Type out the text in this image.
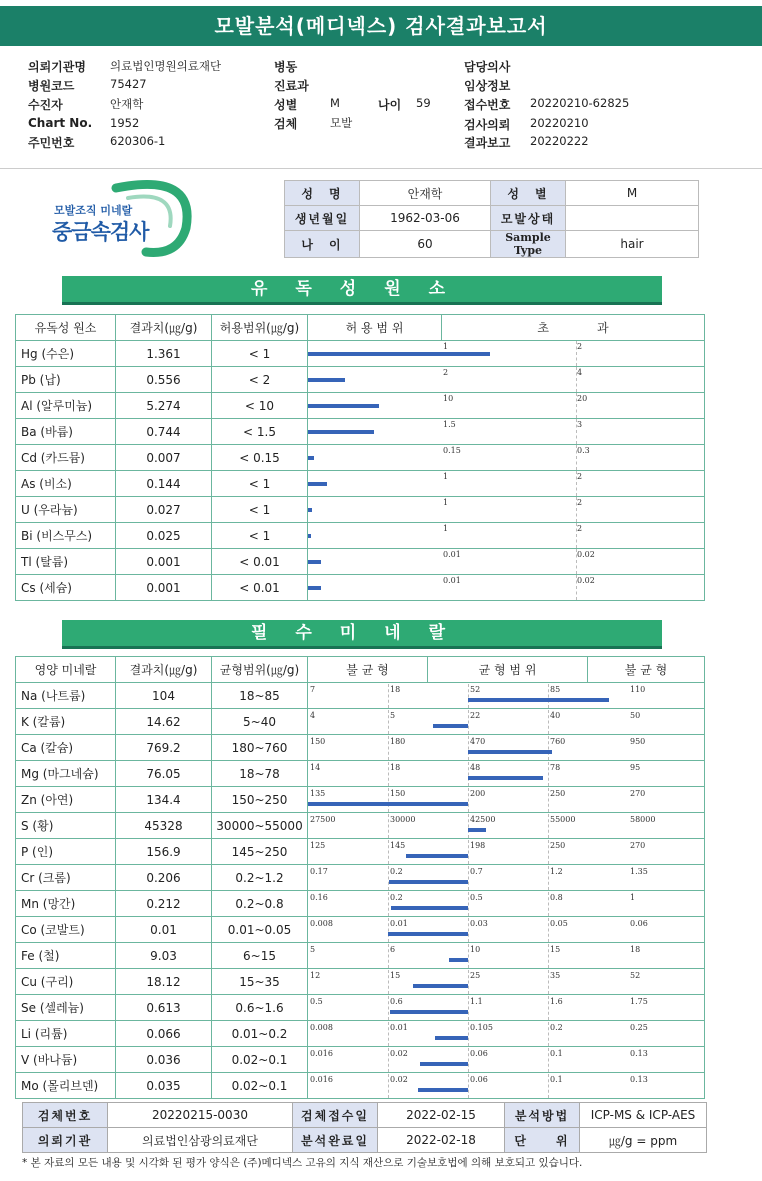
모발분석(메디넥스) 검사결과보고서
의뢰기관명 의료법인명원의료재단
병원코드	75427
수진자	안재학
Chart No. 1952
주민번호	620306-1
병동
진료과
성별	M	나이 59
검체	모발
담당의사
임상정보
접수번호 20220210-62825
검사의뢰 20220210
결과보고 20220222
모발조직 미네랄
중금속검사
성　명	안재학	성　별	M
생년월일	1962-03-06	모발상태	
나　이	60	Sample Type	hair
유독성원소
유독성 원소	결과치(㎍/g)	허용범위(㎍/g)	허 용 범 위	초　　　　과
Hg (수은)	1.361	< 1	1 2	

Pb (납)	0.556	< 2	2 4	

Al (알루미늄)	5.274	< 10	10 20	

Ba (바륨)	0.744	< 1.5	1.5 3	

Cd (카드뮴)	0.007	< 0.15	0.15 0.3	

As (비소)	0.144	< 1	1 2	

U (우라늄)	0.027	< 1	1 2	

Bi (비스무스)	0.025	< 1	1 2	

Tl (탈륨)	0.001	< 0.01	0.01 0.02	

Cs (세슘)	0.001	< 0.01	0.01 0.02	
필수미네랄
영양 미네랄	결과치(㎍/g)	균형범위(㎍/g)	불 균 형	균 형 범 위	불 균 형
Na (나트륨)	104	18~85	7 18 52 85 110		

K (칼륨)	14.62	5~40	4 5 22 40 50		

Ca (칼슘)	769.2	180~760	150 180 470 760 950		

Mg (마그네슘)	76.05	18~78	14 18 48 78 95		

Zn (아연)	134.4	150~250	135 150 200 250 270		

S (황)	45328	30000~55000	27500 30000 42500 55000 58000		

P (인)	156.9	145~250	125 145 198 250 270		

Cr (크롬)	0.206	0.2~1.2	0.17 0.2 0.7 1.2 1.35		

Mn (망간)	0.212	0.2~0.8	0.16 0.2 0.5 0.8 1		

Co (코발트)	0.01	0.01~0.05	0.008 0.01 0.03 0.05 0.06		

Fe (철)	9.03	6~15	5 6 10 15 18		

Cu (구리)	18.12	15~35	12 15 25 35 52		

Se (셀레늄)	0.613	0.6~1.6	0.5 0.6 1.1 1.6 1.75		

Li (리튬)	0.066	0.01~0.2	0.008 0.01 0.105 0.2 0.25		

V (바나듐)	0.036	0.02~0.1	0.016 0.02 0.06 0.1 0.13		

Mo (몰리브덴)	0.035	0.02~0.1	0.016 0.02 0.06 0.1 0.13		
검체번호	20220215-0030	검체접수일	2022-02-15	분석방법	ICP-MS & ICP-AES
의뢰기관	의료법인삼광의료재단	분석완료일	2022-02-18	단　　위	㎍/g = ppm
* 본 자료의 모든 내용 및 시각화 된 평가 양식은 (주)메디넥스 고유의 지식 재산으로 기술보호법에 의해 보호되고 있습니다.
